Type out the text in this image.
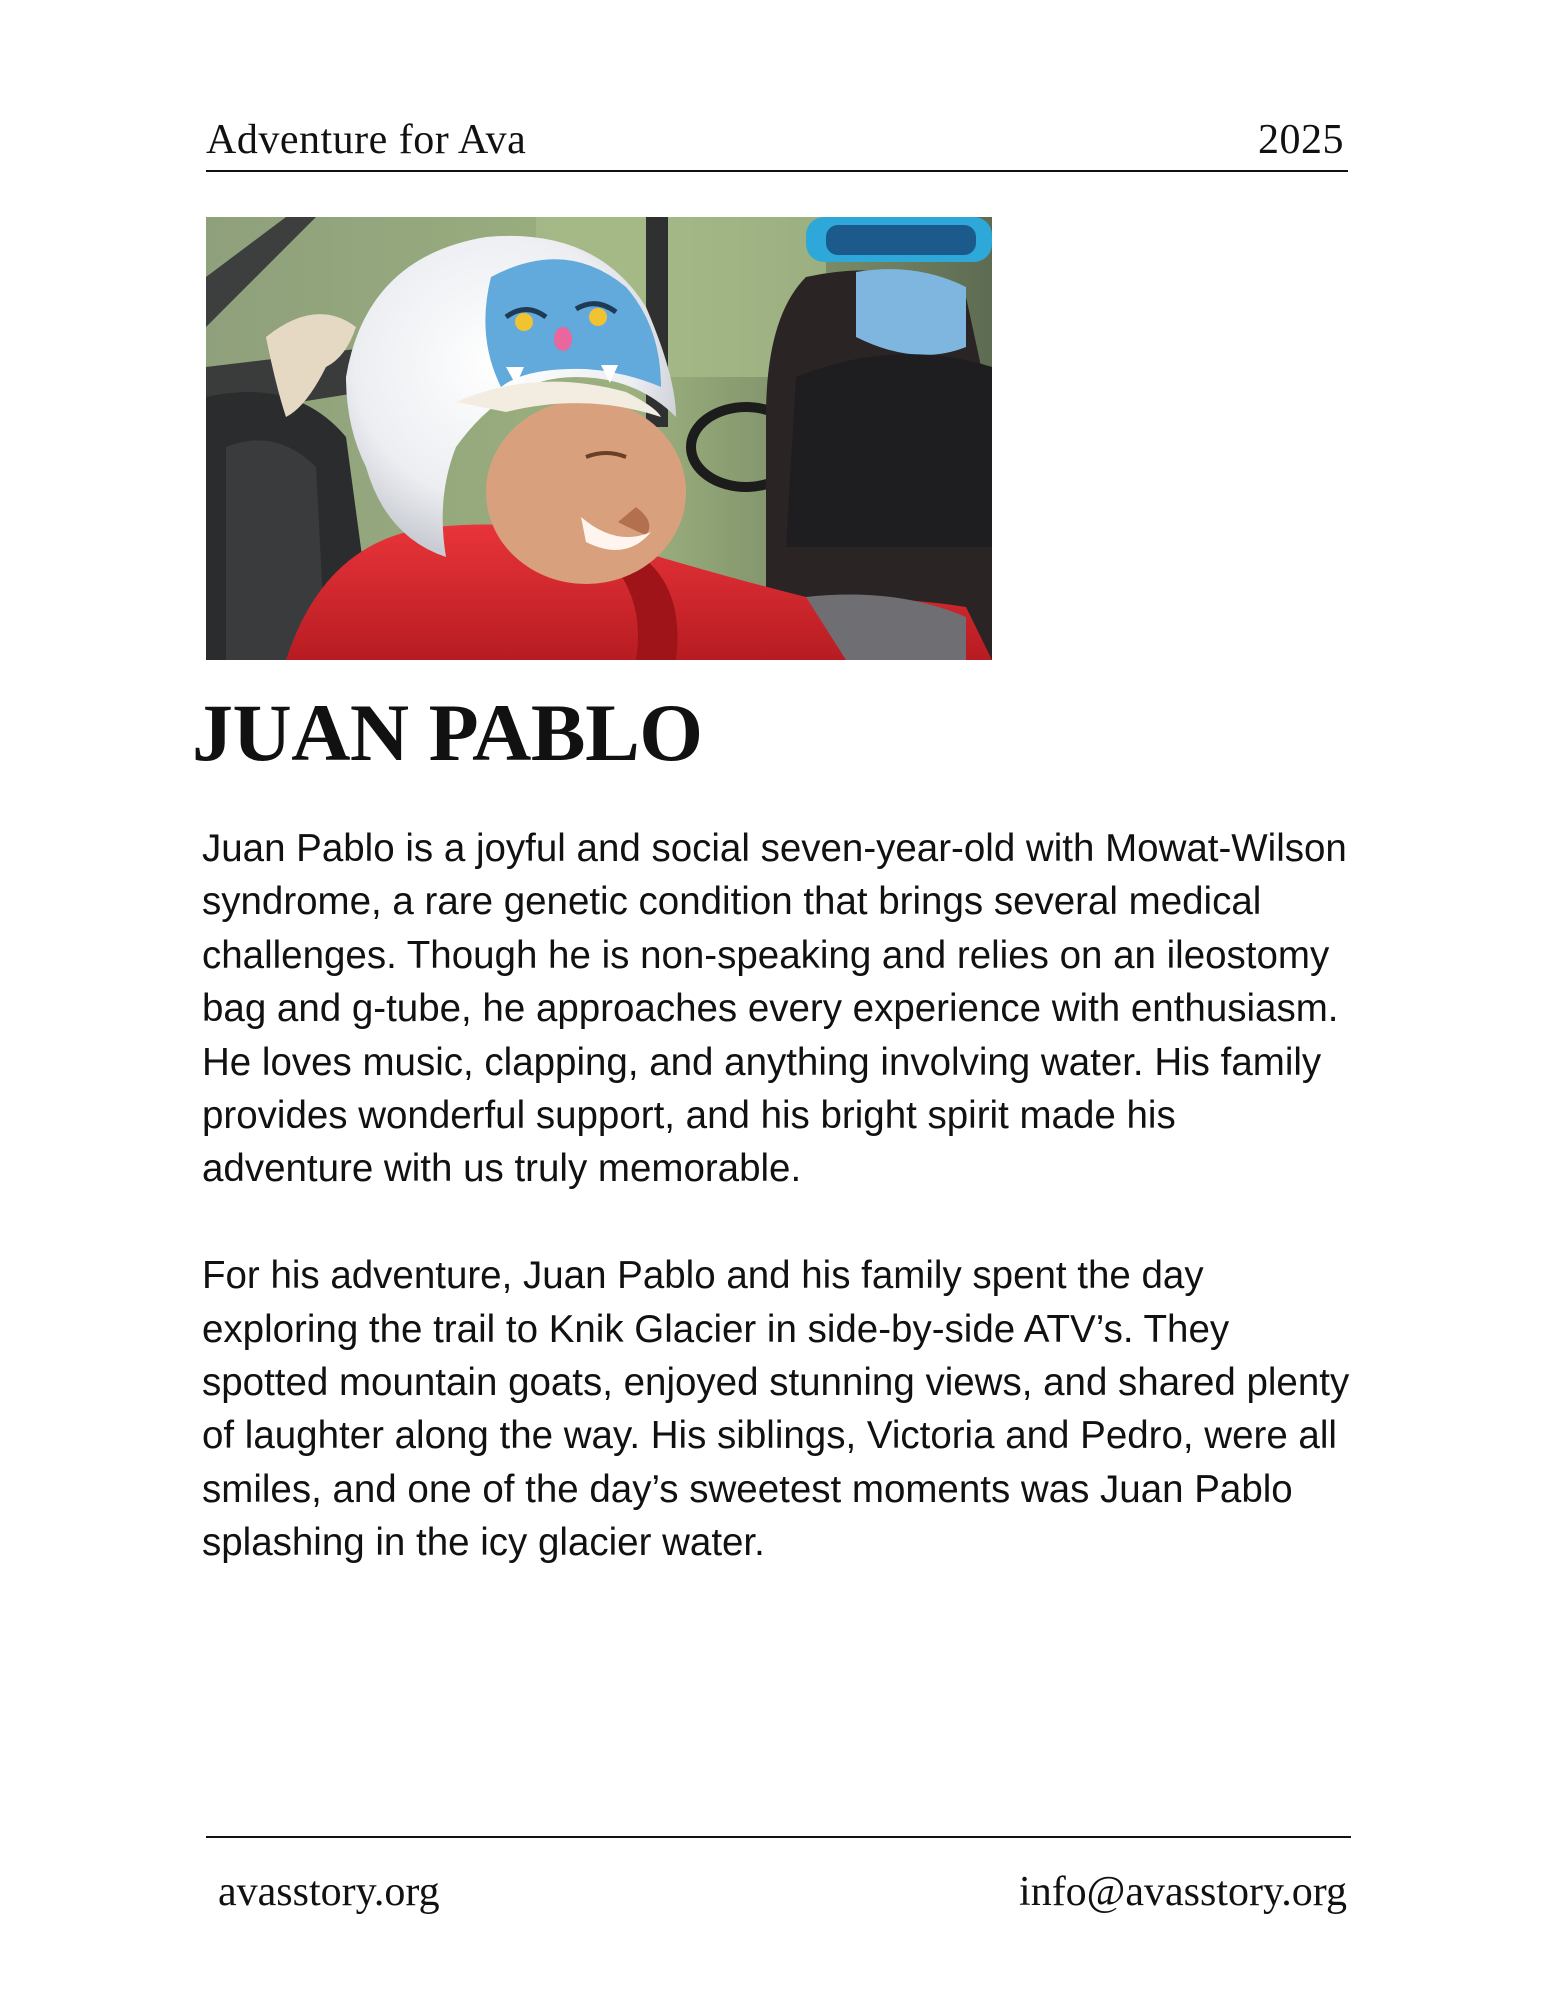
Adventure for Ava	2025
JUAN PABLO

Juan Pablo is a joyful and social seven-year-old with Mowat-Wilson syndrome, a rare genetic condition that brings several medical challenges. Though he is non-speaking and relies on an ileostomy bag and g-tube, he approaches every experience with enthusiasm. He loves music, clapping, and anything involving water. His family provides wonderful support, and his bright spirit made his adventure with us truly memorable.

For his adventure, Juan Pablo and his family spent the day exploring the trail to Knik Glacier in side-by-side ATV’s. They spotted mountain goats, enjoyed stunning views, and shared plenty of laughter along the way. His siblings, Victoria and Pedro, were all smiles, and one of the day’s sweetest moments was Juan Pablo splashing in the icy glacier water.

avasstory.org	info@avasstory.org
